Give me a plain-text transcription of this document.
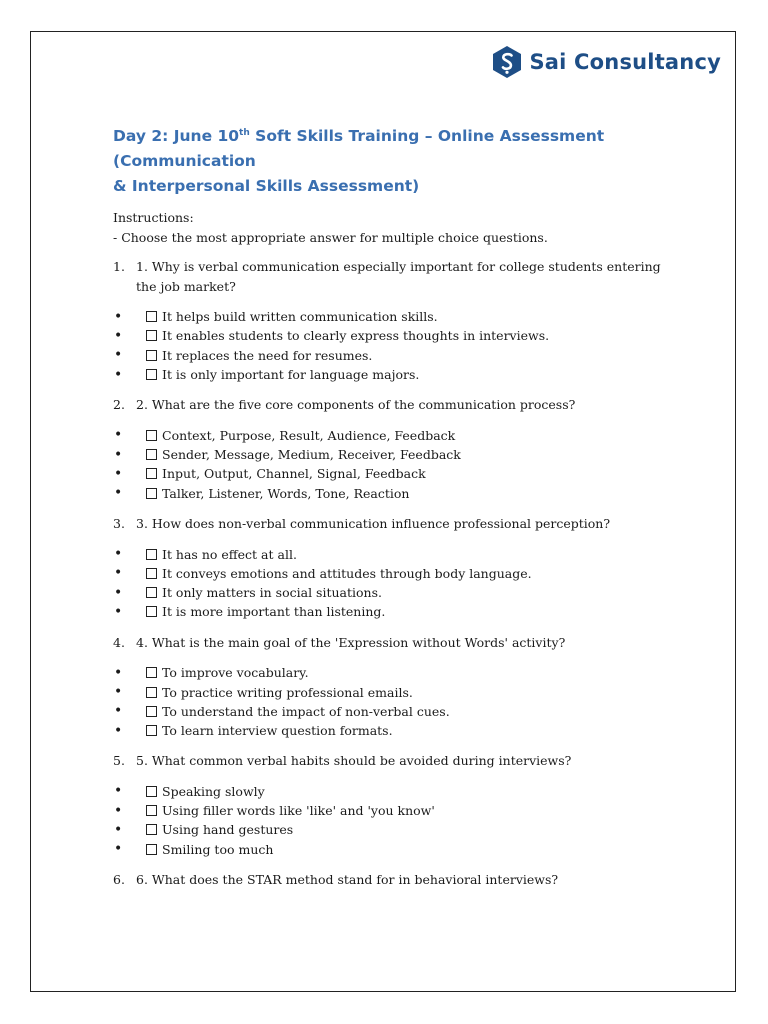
Sai Consultancy
Day 2: June 10th Soft Skills Training – Online Assessment (Communication
& Interpersonal Skills Assessment)
Instructions:
- Choose the most appropriate answer for multiple choice questions.
1. 1. Why is verbal communication especially important for college students entering the job market?
•	It helps build written communication skills.
•	It enables students to clearly express thoughts in interviews.
•	It replaces the need for resumes.
•	It is only important for language majors.
2. 2. What are the five core components of the communication process?
•	Context, Purpose, Result, Audience, Feedback
•	Sender, Message, Medium, Receiver, Feedback
•	Input, Output, Channel, Signal, Feedback
•	Talker, Listener, Words, Tone, Reaction
3. 3. How does non-verbal communication influence professional perception?
•	It has no effect at all.
•	It conveys emotions and attitudes through body language.
•	It only matters in social situations.
•	It is more important than listening.
4. 4. What is the main goal of the 'Expression without Words' activity?
•	To improve vocabulary.
•	To practice writing professional emails.
•	To understand the impact of non-verbal cues.
•	To learn interview question formats.
5. 5. What common verbal habits should be avoided during interviews?
•	Speaking slowly
•	Using filler words like 'like' and 'you know'
•	Using hand gestures
•	Smiling too much
6. 6. What does the STAR method stand for in behavioral interviews?
